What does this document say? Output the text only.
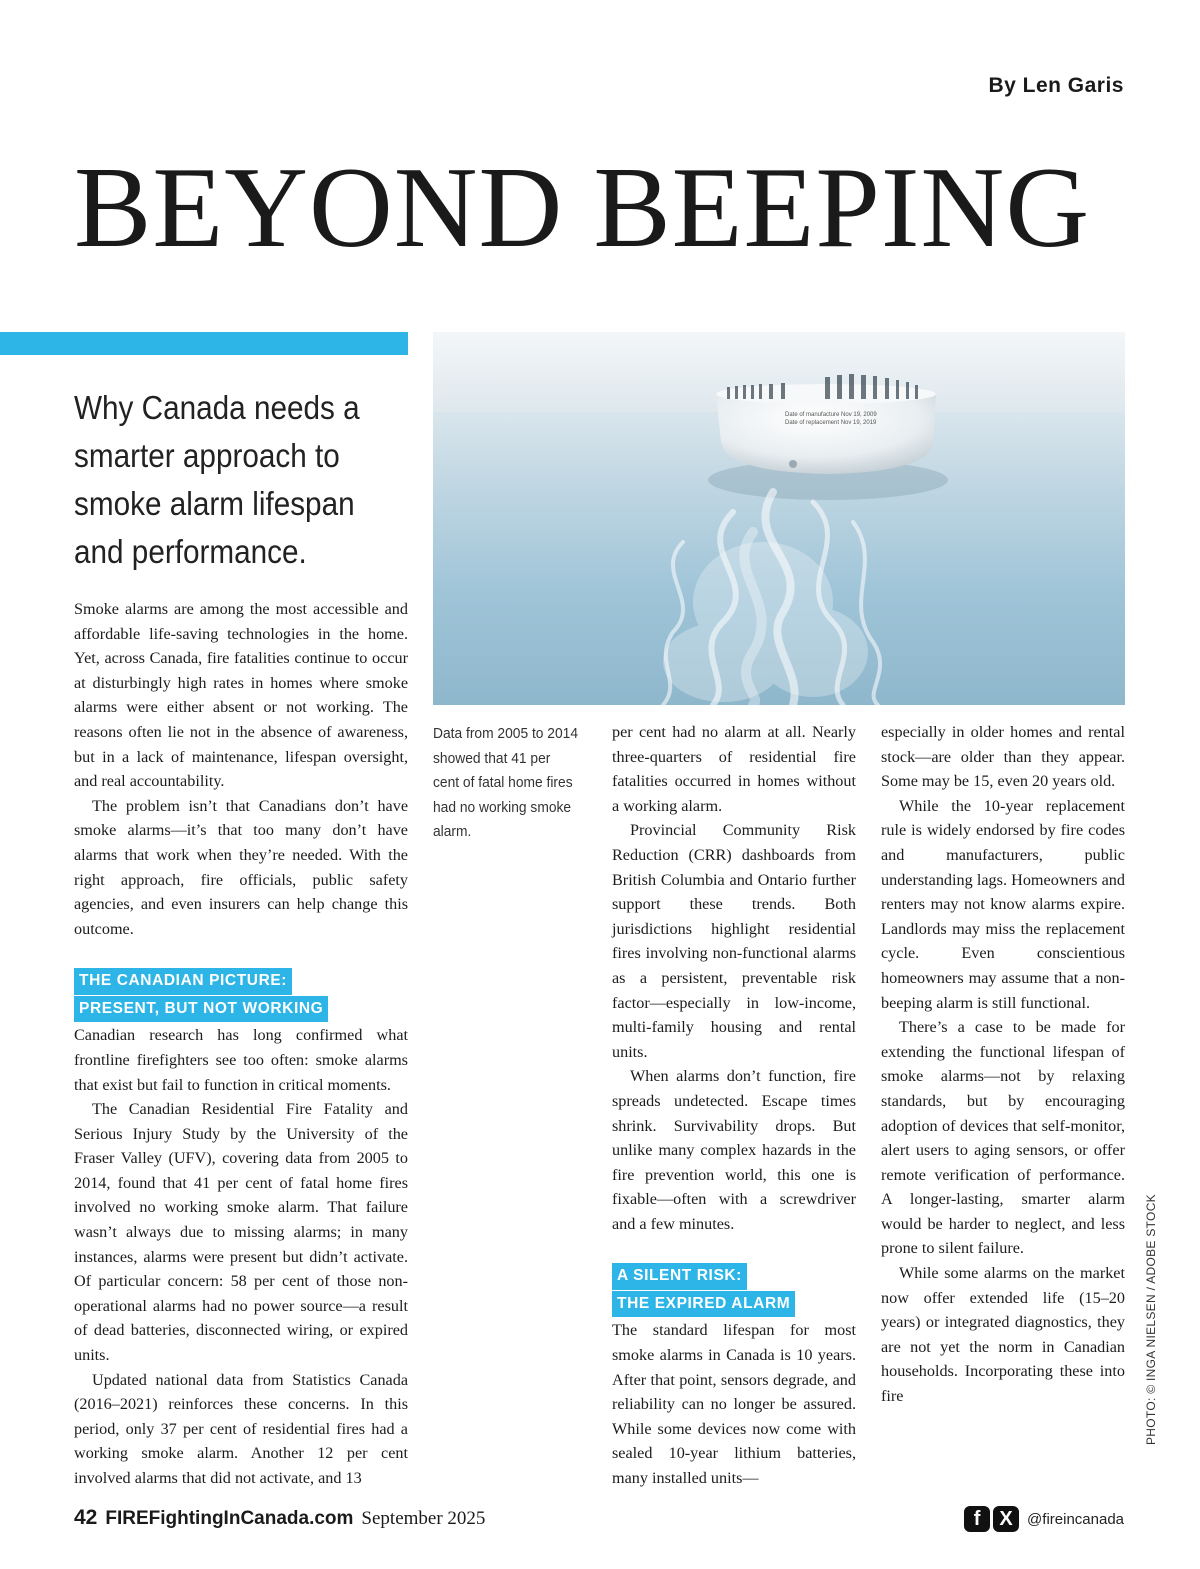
By Len Garis
BEYOND BEEPING
Date of manufacture Nov 19, 2009
Date of replacement Nov 19, 2019
Why Canada needs a smarter approach to smoke alarm lifespan and performance.

Smoke alarms are among the most accessible and affordable life-saving technologies in the home. Yet, across Canada, fire fatalities continue to occur at disturbingly high rates in homes where smoke alarms were either absent or not working. The reasons often lie not in the absence of awareness, but in a lack of maintenance, lifespan oversight, and real accountability.

The problem isn’t that Canadians don’t have smoke alarms—it’s that too many don’t have alarms that work when they’re needed. With the right approach, fire officials, public safety agencies, and even insurers can help change this outcome.

THE CANADIAN PICTURE:
PRESENT, BUT NOT WORKING

Canadian research has long confirmed what frontline firefighters see too often: smoke alarms that exist but fail to function in critical moments.

The Canadian Residential Fire Fatality and Serious Injury Study by the University of the Fraser Valley (UFV), covering data from 2005 to 2014, found that 41 per cent of fatal home fires involved no working smoke alarm. That failure wasn’t always due to missing alarms; in many instances, alarms were present but didn’t activate. Of particular concern: 58 per cent of those non-operational alarms had no power source—a result of dead batteries, disconnected wiring, or expired units.

Updated national data from Statistics Canada (2016–2021) reinforces these concerns. In this period, only 37 per cent of residential fires had a working smoke alarm. Another 12 per cent involved alarms that did not activate, and 13

Data from 2005 to 2014 showed that 41 per cent of fatal home fires had no working smoke alarm.

per cent had no alarm at all. Nearly three-quarters of residential fire fatalities occurred in homes without a working alarm.

Provincial Community Risk Reduction (CRR) dashboards from British Columbia and Ontario further support these trends. Both jurisdictions highlight residential fires involving non-functional alarms as a persistent, preventable risk factor—especially in low-income, multi-family housing and rental units.

When alarms don’t function, fire spreads undetected. Escape times shrink. Survivability drops. But unlike many complex hazards in the fire prevention world, this one is fixable—often with a screwdriver and a few minutes.

A SILENT RISK:
THE EXPIRED ALARM

The standard lifespan for most smoke alarms in Canada is 10 years. After that point, sensors degrade, and reliability can no longer be assured. While some devices now come with sealed 10-year lithium batteries, many installed units—

especially in older homes and rental stock—are older than they appear. Some may be 15, even 20 years old.

While the 10-year replacement rule is widely endorsed by fire codes and manufacturers, public understanding lags. Homeowners and renters may not know alarms expire. Landlords may miss the replacement cycle. Even conscientious homeowners may assume that a non-beeping alarm is still functional.

There’s a case to be made for extending the functional lifespan of smoke alarms—not by relaxing standards, but by encouraging adoption of devices that self-monitor, alert users to aging sensors, or offer remote verification of performance. A longer-lasting, smarter alarm would be harder to neglect, and less prone to silent failure.

While some alarms on the market now offer extended life (15–20 years) or integrated diagnostics, they are not yet the norm in Canadian households. Incorporating these into fire	PHOTO: © INGA NIELSEN / ADOBE STOCK
42 FIREFightingInCanada.com September 2025	f X @fireincanada
